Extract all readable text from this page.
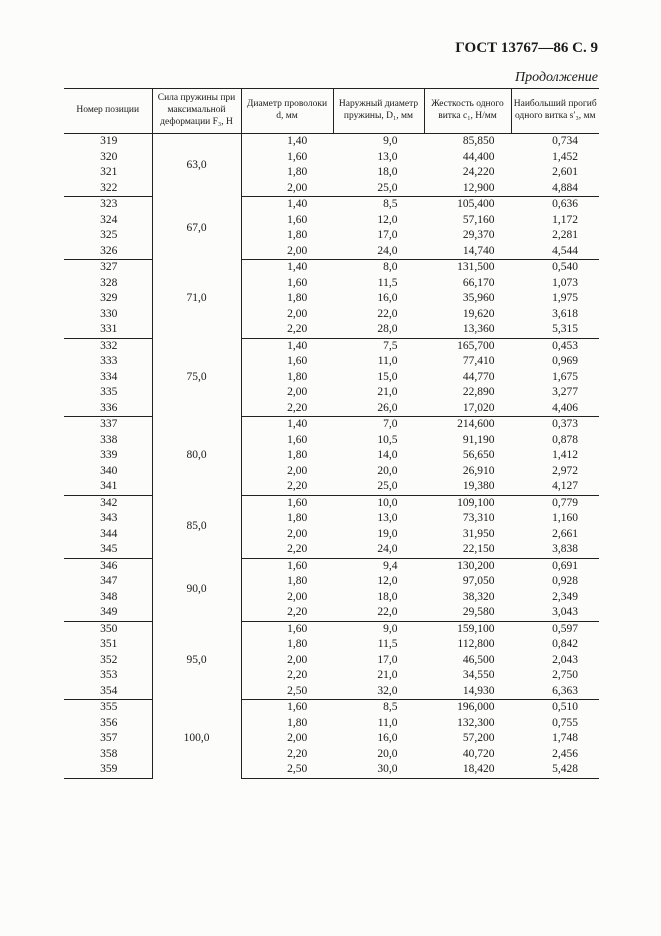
ГОСТ 13767—86 С. 9
Продолжение
Номер позиции	Сила пружины при максимальной деформации F₃, Н	Диаметр проволоки d, мм	Наружный диаметр пружины, D₁, мм	Жесткость одного витка c₁, Н/мм	Наибольший прогиб одного витка s′₃, мм
319	63,0	1,40	9,0	85,850	0,734
320		1,60	13,0	44,400	1,452
321		1,80	18,0	24,220	2,601
322		2,00	25,0	12,900	4,884
323	67,0	1,40	8,5	105,400	0,636
324		1,60	12,0	57,160	1,172
325		1,80	17,0	29,370	2,281
326		2,00	24,0	14,740	4,544
327	71,0	1,40	8,0	131,500	0,540
328		1,60	11,5	66,170	1,073
329		1,80	16,0	35,960	1,975
330		2,00	22,0	19,620	3,618
331		2,20	28,0	13,360	5,315
332	75,0	1,40	7,5	165,700	0,453
333		1,60	11,0	77,410	0,969
334		1,80	15,0	44,770	1,675
335		2,00	21,0	22,890	3,277
336		2,20	26,0	17,020	4,406
337	80,0	1,40	7,0	214,600	0,373
338		1,60	10,5	91,190	0,878
339		1,80	14,0	56,650	1,412
340		2,00	20,0	26,910	2,972
341		2,20	25,0	19,380	4,127
342	85,0	1,60	10,0	109,100	0,779
343		1,80	13,0	73,310	1,160
344		2,00	19,0	31,950	2,661
345		2,20	24,0	22,150	3,838
346	90,0	1,60	9,4	130,200	0,691
347		1,80	12,0	97,050	0,928
348		2,00	18,0	38,320	2,349
349		2,20	22,0	29,580	3,043
350	95,0	1,60	9,0	159,100	0,597
351		1,80	11,5	112,800	0,842
352		2,00	17,0	46,500	2,043
353		2,20	21,0	34,550	2,750
354		2,50	32,0	14,930	6,363
355	100,0	1,60	8,5	196,000	0,510
356		1,80	11,0	132,300	0,755
357		2,00	16,0	57,200	1,748
358		2,20	20,0	40,720	2,456
359		2,50	30,0	18,420	5,428
